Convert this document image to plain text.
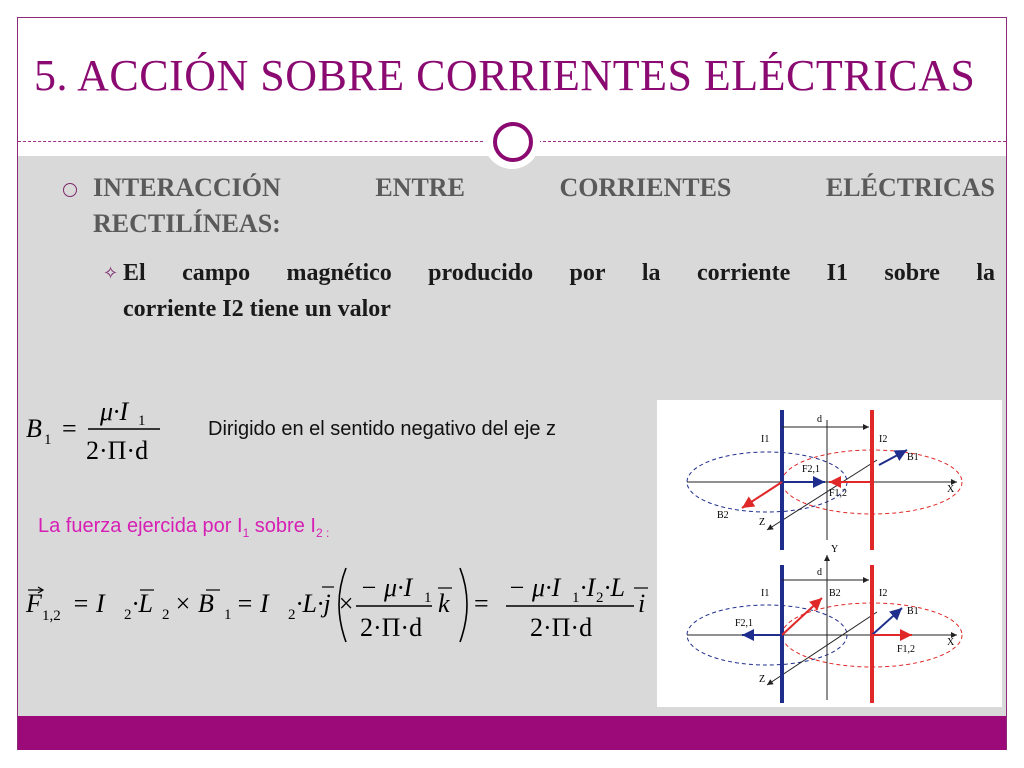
5. ACCIÓN SOBRE CORRIENTES ELÉCTRICAS
INTERACCIÓN	ENTRE	CORRIENTES	ELÉCTRICAS
RECTILÍNEAS:
✧ El campo magnético producido por la corriente I1 sobre la
corriente I2 tiene un valor
B 1 =
μ·I 1
2·Π·d
Dirigido en el sentido negativo del eje z
La fuerza ejercida por $I_1$ sobre $I_{2 :}$
F 1,2 = I 2 ·L 2 × B 1 = I 2 ·L·j ×
− μ·I 1
2·Π·d
k =
− μ·I 1 ·I 2 ·L
2·Π·d
i
d
I1	I2
B1
F2,1
F1,2	X
B2
Z
Y
d
I1	B2	I2
B1
F2,1
X
F1,2
Z
